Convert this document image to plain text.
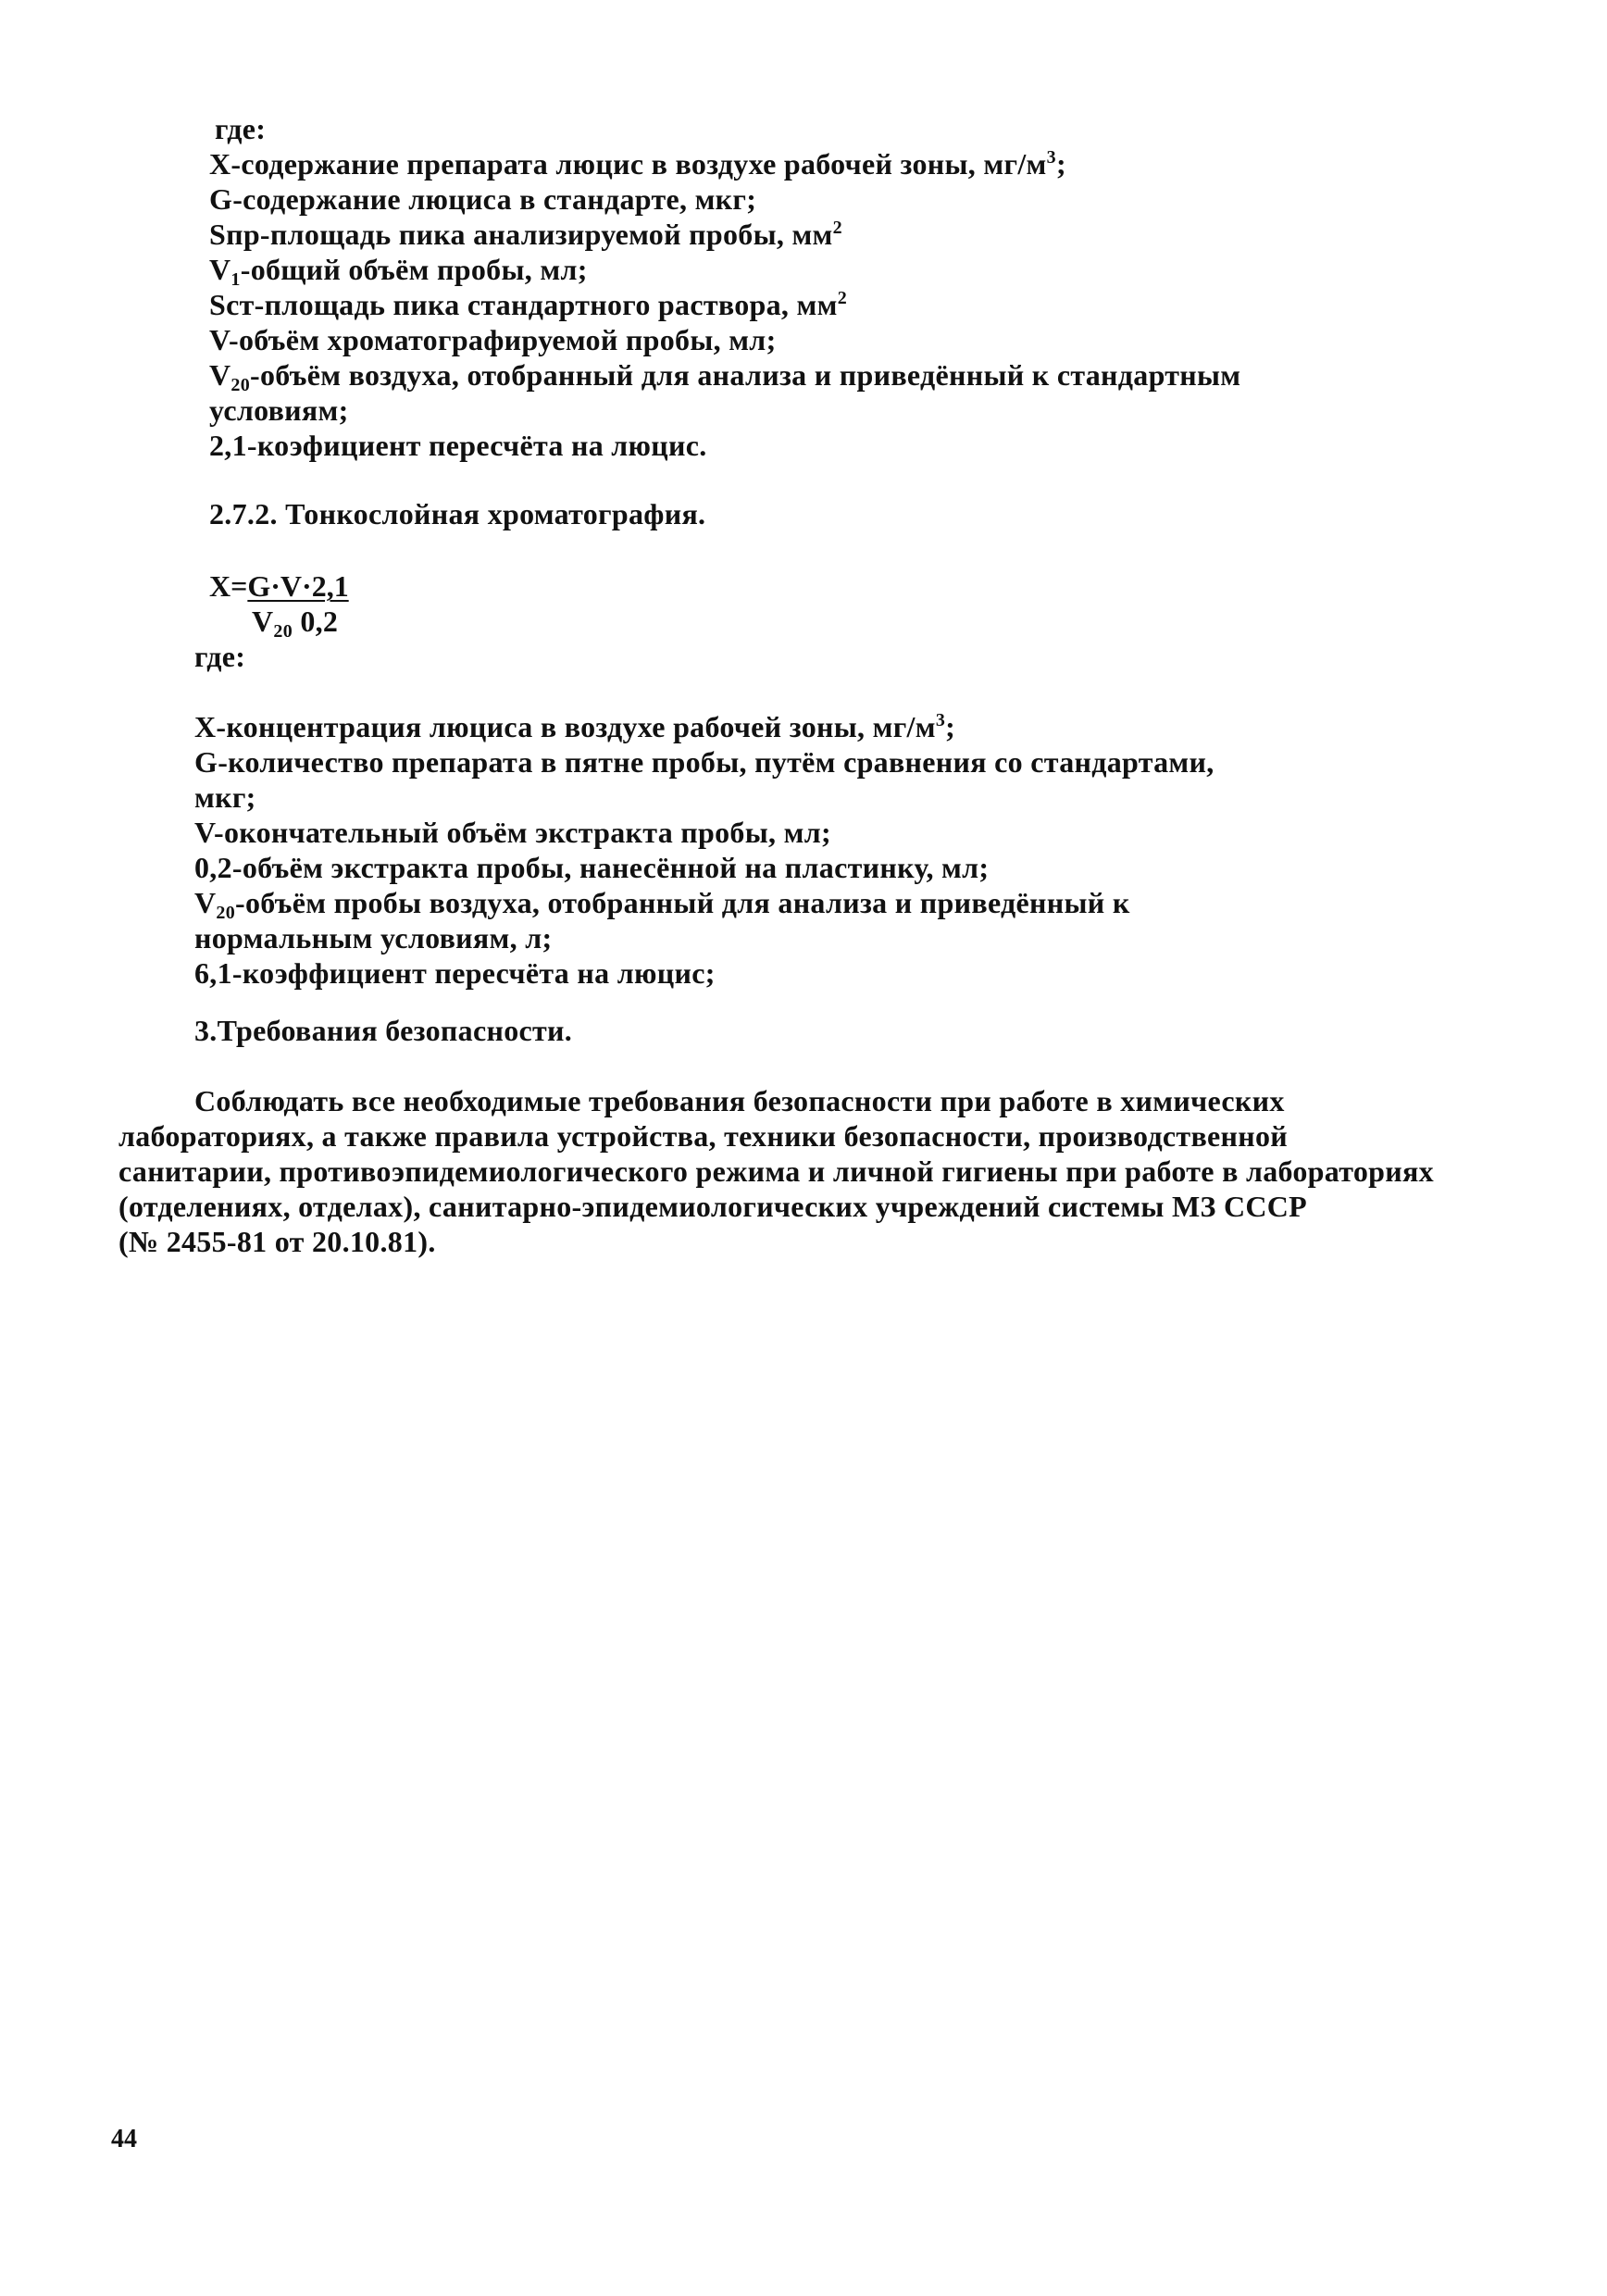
где:
X-содержание препарата люцис в воздухе рабочей зоны, $мг/м^3$;
G-содержание люциса в стандарте, мкг;
Sпр-площадь пика анализируемой пробы, $мм^2$
$V_1$-общий объём пробы, мл;
Sст-площадь пика стандартного раствора, $мм^2$
V-объём хроматографируемой пробы, мл;
$V_{20}$-объём воздуха, отобранный для анализа и приведённый к стандартным
условиям;
2,1-коэфициент пересчёта на люцис.
2.7.2. Тонкослойная хроматография.
X=G·V·2,1
$V_{20}$ 0,2
где:
X-концентрация люциса в воздухе рабочей зоны, $мг/м^3$;
G-количество препарата в пятне пробы, путём сравнения со стандартами,
мкг;
V-окончательный объём экстракта пробы, мл;
0,2-объём экстракта пробы, нанесённой на пластинку, мл;
$V_{20}$-объём пробы воздуха, отобранный для анализа и приведённый к
нормальным условиям, л;
6,1-коэффициент пересчёта на люцис;
3.Требования безопасности.
Соблюдать все необходимые требования безопасности при работе в химических
лабораториях, а также правила устройства, техники безопасности, производственной
санитарии, противоэпидемиологического режима и личной гигиены при работе в лабораториях
(отделениях, отделах), санитарно-эпидемиологических учреждений системы МЗ СССР
(№ 2455-81 от 20.10.81).
44
